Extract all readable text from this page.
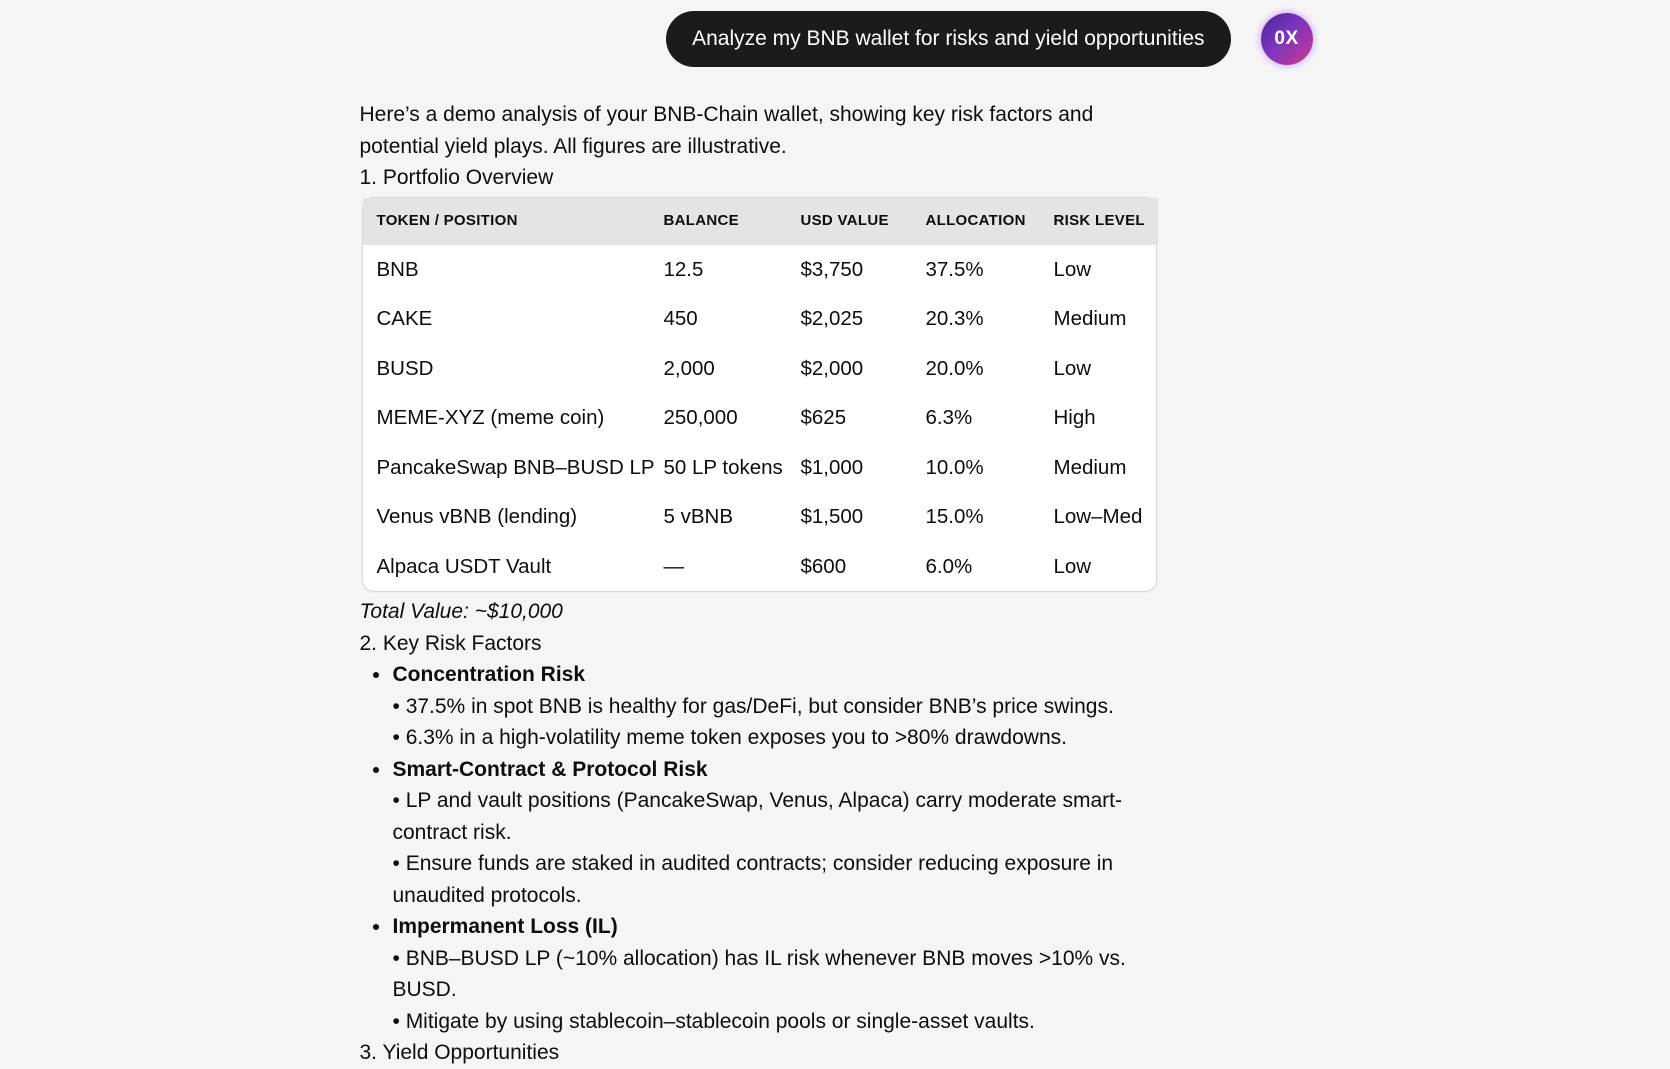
Analyze my BNB wallet for risks and yield opportunities	0X
Here’s a demo analysis of your BNB-Chain wallet, showing key risk factors and
potential yield plays. All figures are illustrative.
1. Portfolio Overview
TOKEN / POSITION	BALANCE	USD VALUE	ALLOCATION	RISK LEVEL
BNB	12.5	$3,750	37.5%	Low
CAKE	450	$2,025	20.3%	Medium
BUSD	2,000	$2,000	20.0%	Low
MEME-XYZ (meme coin)	250,000	$625	6.3%	High
PancakeSwap BNB–BUSD LP	50 LP tokens	$1,000	10.0%	Medium
Venus vBNB (lending)	5 vBNB	$1,500	15.0%	Low–Med
Alpaca USDT Vault	—	$600	6.0%	Low
Total Value: ~$10,000
2. Key Risk Factors
Concentration Risk
• 37.5% in spot BNB is healthy for gas/DeFi, but consider BNB’s price swings.
• 6.3% in a high-volatility meme token exposes you to >80% drawdowns.
Smart-Contract & Protocol Risk
• LP and vault positions (PancakeSwap, Venus, Alpaca) carry moderate smart-
contract risk.
• Ensure funds are staked in audited contracts; consider reducing exposure in
unaudited protocols.
Impermanent Loss (IL)
• BNB–BUSD LP (~10% allocation) has IL risk whenever BNB moves >10% vs.
BUSD.
• Mitigate by using stablecoin–stablecoin pools or single-asset vaults.
3. Yield Opportunities
